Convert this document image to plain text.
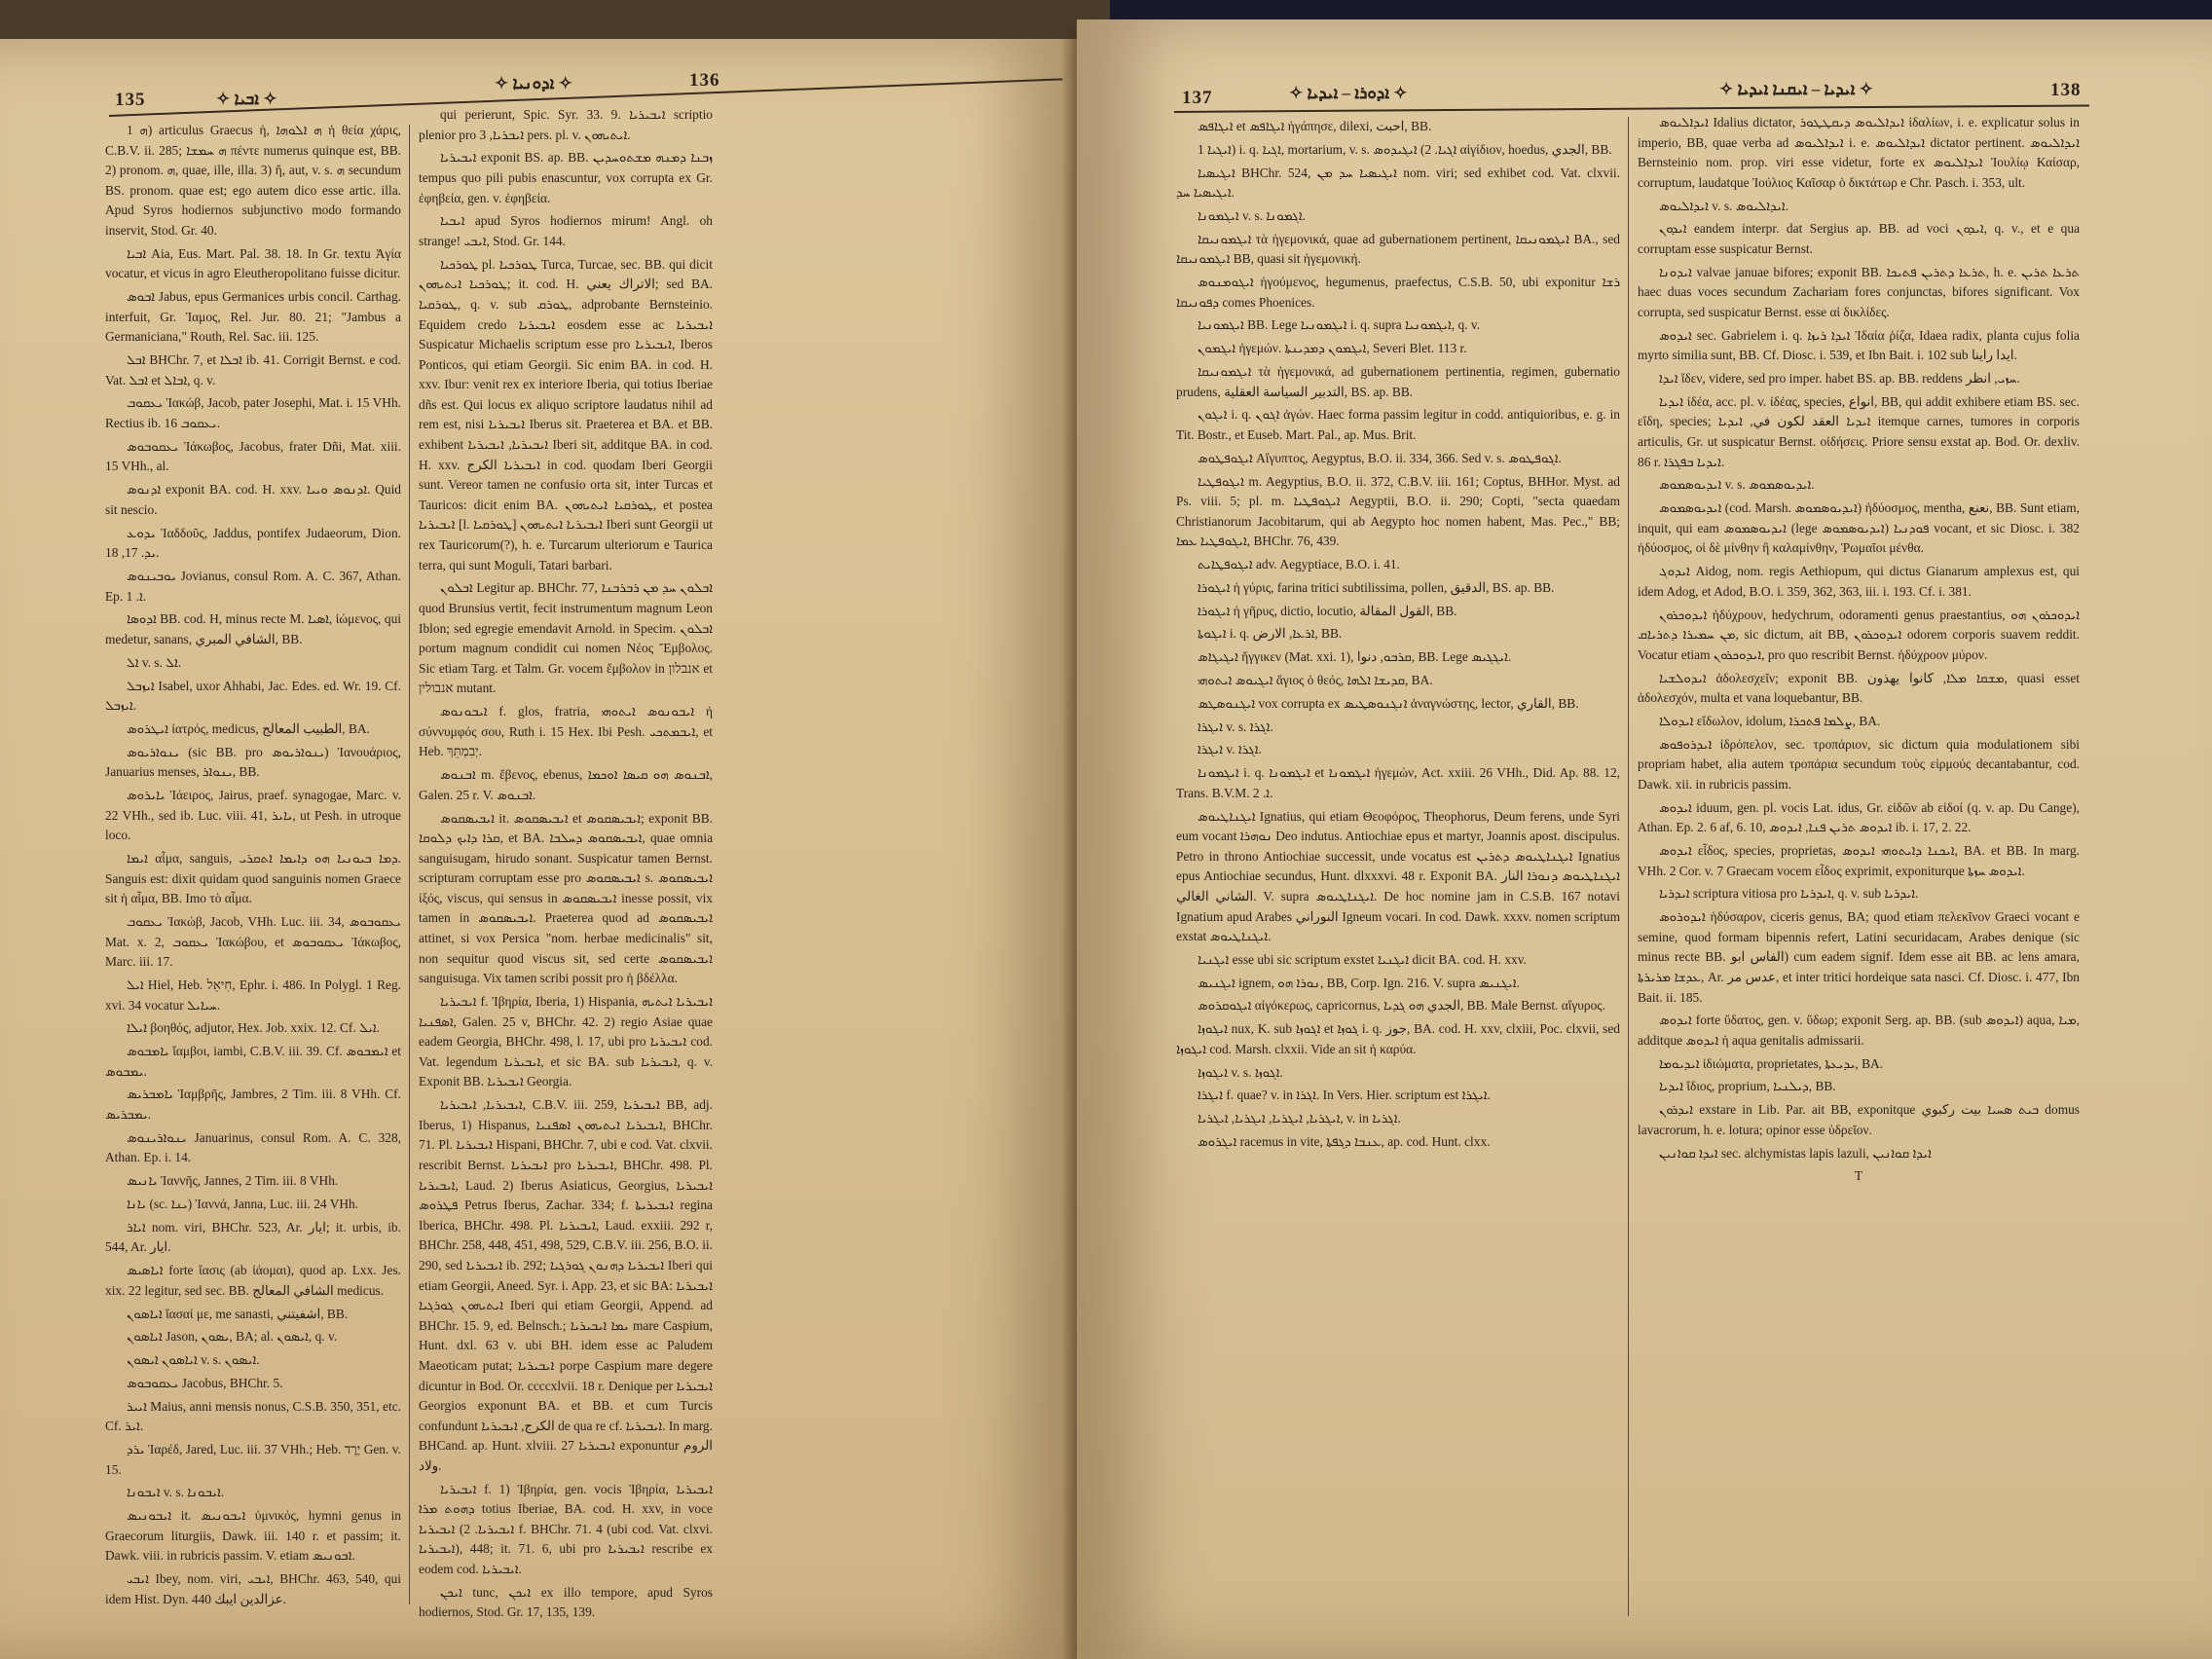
135	✧ ܐܒܝܐ ✧
✧ ܐܕܘܢܝܐ ✧	136

ܗ 1) articulus Graecus ἡ, ܗ ܐܠܘܗܐ ἡ θεία χάρις, C.B.V. ii. 285; ܗ ܚܡܫܐ πέντε numerus quinque est, BB. 2) pronom. ܗ, quae, ille, illa. 3) ἤ, aut, v. s. ܗ secundum BS. pronom. quae est; ego autem dico esse artic. illa. Apud Syros hodiernos subjunctivo modo formando inservit, Stod. Gr. 40.

ܐܒܝܐ Aia, Eus. Mart. Pal. 38. 18. In Gr. textu Ἀγία vocatur, et vicus in agro Eleutheropolitano fuisse dicitur.

ܐܒܘܣ Jabus, epus Germanices urbis concil. Carthag. interfuit, Gr. Ἰαμος, Rel. Jur. 80. 21; "Jambus a Germaniciana," Routh, Rel. Sac. iii. 125.

ܐܒܠ BHChr. 7, et ܐܒܠܐ ib. 41. Corrigit Bernst. e cod. Vat. ܐܒܠ et ܐܒܐܠ, q. v.

ܝܥܩܘܒ Ἰακώβ, Jacob, pater Josephi, Mat. i. 15 VHh. Rectius ib. 16 ܝܥܩܘܒ.

ܝܥܩܘܒܘܣ Ἰάκωβος, Jacobus, frater Dñi, Mat. xiii. 15 VHh., al.

ܐܕܢܘܣ exponit BA. cod. H. xxv. ܐܕܢܘܣ ܘܝܝܐ. Quid sit nescio.

ܝܕܘܥ Ἰαδδοῦς, Jaddus, pontifex Judaeorum, Dion. ܝܕ. 17, 18.

ܝܘܒܝܢܘܣ Jovianus, consul Rom. A. C. 367, Athan. Ep. ܐ. 1.

ܐܕܘܣܐ BB. cod. H, minus recte M. ܐܣܝܐ, ἰώμενος, qui medetur, sanans, الشافي المبري, BB.

ܐܠ v. s. ܐܠ.

ܐܝܙܒܠ Isabel, uxor Ahhabi, Jac. Edes. ed. Wr. 19. Cf. ܐܝܙܒܠ.

ܐܝܛܪܘܣ ἰατρός, medicus, الطبيب المعالج, BA.

ܝܢܘܐܪܝܘܣ (sic BB. pro ܝܢܘܐܪܝܘܣ) Ἰανουάριος, Januarius menses, ܝܢܘܐܪ, BB.

ܝܐܝܪܘܣ Ἰάειρος, Jairus, praef. synagogae, Marc. v. 22 VHh., sed ib. Luc. viii. 41, ܝܐܝܪ, ut Pesh. in utroque loco.

ܐܝܡܐ αἷμα, sanguis, ܕܡܐ ܒܝܘܢܝܐ ܗܘ ܕܐܝܡܐ ܐܬܩܪܝ. Sanguis est: dixit quidam quod sanguinis nomen Graece sit ἡ αἷμα, BB. Imo τὸ αἷμα.

ܝܥܩܘܒ Ἰακώβ, Jacob, VHh. Luc. iii. 34, ܝܥܩܘܒܘܣ Mat. x. 2, ܝܥܩܘܒ Ἰακώβου, et ܝܥܩܘܒܘܣ Ἰάκωβος, Marc. iii. 17.

ܐܝܠ Hiel, Heb. חִיאֵל, Ephr. i. 486. In Polygl. 1 Reg. xvi. 34 vocatur ܚܝܐܝܠ.

ܐܝܠܐ βοηθός, adjutor, Hex. Job. xxix. 12. Cf. ܐܝܠ.

ܝܐܡܒܘܣ ἴαμβοι, iambi, C.B.V. iii. 39. Cf. ܐܝܡܒܘܣ et ܝܡܒܘܣ.

ܝܐܡܒܪܝܣ Ἰαμβρῆς, Jambres, 2 Tim. iii. 8 VHh. Cf. ܝܡܒܪܝܣ.

ܝܢܘܐܪܝܢܘܣ Januarinus, consul Rom. A. C. 328, Athan. Ep. i. 14.

ܝܐܢܝܣ Ἰαννῆς, Jannes, 2 Tim. iii. 8 VHh.

ܝܐܢܐ (sc. ܝܢܐ) Ἰαννά, Janna, Luc. iii. 24 VHh.

ܐܝܐܪ nom. viri, BHChr. 523, Ar. ايار; it. urbis, ib. 544, Ar. ايار.

ܐܝܐܣܝܣ forte ἴασις (ab ἰάομαι), quod ap. Lxx. Jes. xix. 22 legitur, sed sec. BB. الشافي المعالج medicus.

ܐܝܐܣܘܢ ἴασαί με, me sanasti, اشفيتني, BB.

ܐܝܐܣܘܢ Jason, ܝܣܘܢ, BA; al. ܐܝܣܘܢ, q. v.

ܐܝܐܣܘܢ ܐܝܣܘܢ v. s. ܐܝܣܘܢ.

ܝܥܩܘܒܘܣ Jacobus, BHChr. 5.

ܐܝܝܪ Maius, anni mensis nonus, C.S.B. 350, 351, etc. Cf. ܐܝܪ.

ܝܪܕ Ἰαρέδ, Jared, Luc. iii. 37 VHh.; Heb. יֶרֶד Gen. v. 15.

ܐܝܒܘܢܐ v. s. ܐܝܒܘܢܐ.

ܐܝܒܘܢܝܣ it. ܐܝܒܘܢܝܣ ὑμνικός, hymni genus in Graecorum liturgiis, Dawk. iii. 140 r. et passim; it. Dawk. viii. in rubricis passim. V. etiam ܐܒܘܢܝܣ.

ܐܝܒܝ Ibey, nom. viri, ܐܝܒܝ, BHChr. 463, 540, qui idem Hist. Dyn. 440 عزالدين ايبك.

qui perierunt, Spic. Syr. 33. 9. ܐܝܒܝܪܝܐ scriptio plenior pro ܐܝܒܪܝܐ, 3 pers. pl. v. ܐܝܬܝܗܘܢ.

ܐܝܒܝܪܝܐ exponit BS. ap. BB. ܙܒܢܐ ܕܡܢܗ ܡܫܬܘܚܕܝܢ tempus quo pili pubis enascuntur, vox corrupta ex Gr. ἐφηβεία, gen. v. ἐφηβεία.

ܐܝܒܝܐ apud Syros hodiernos mirum! Angl. oh strange! ܐܝܒܝ, Stod. Gr. 144.

ܛܘܪܟܝܐ pl. ܛܘܪܟܝܐ Turca, Turcae, sec. BB. qui dicit ܛܘܪܟܝܐ ܐܝܬܝܗܘܢ; it. cod. H. الاتراك يعني; sed BA. ܛܘܪܩܝܐ, q. v. sub ܛܘܪܩ, adprobante Bernsteinio. Equidem credo ܐܝܒܝܪܝܐ eosdem esse ac ܐܝܒܝܪܝܐ Suspicatur Michaelis scriptum esse pro ܐܝܒܝܪܝܐ, Iberos Ponticos, qui etiam Georgii. Sic enim BA. in cod. H. xxv. Ibur: venit rex ex interiore Iberia, qui totius Iberiae dñs est. Qui locus ex aliquo scriptore laudatus nihil ad rem est, nisi ܐܝܒܝܪܝܐ Iberus sit. Praeterea et BA. et BB. exhibent ܐܝܒܝܪܝܐ, ܐܝܒܝܪܝܐ Iberi sit, additque BA. in cod. H. xxv. ܐܝܒܝܪܝܐ الكرج in cod. quodam Iberi Georgii sunt. Vereor tamen ne confusio orta sit, inter Turcas et Tauricos: dicit enim BA. ܛܘܪܩܝܐ ܐܝܬܝܗܘܢ, et postea ܐܝܒܝܪܝܐ [l. ܛܘܪܩܝܐ] ܐܝܒܝܪܝܐ ܐܝܬܝܗܘܢ Iberi sunt Georgii ut rex Tauricorum(?), h. e. Turcarum ulteriorum e Taurica terra, qui sunt Moguli, Tatari barbari.

ܐܒܠܘܢ Legitur ap. BHChr. 77, ܐܒܠܘܢ ܚܕ ܡܢ ܪܒܪܒܢܐ quod Brunsius vertit, fecit instrumentum magnum Leon Iblon; sed egregie emendavit Arnold. in Specim. ܐܒܠܘܢ portum magnum condidit cui nomen Νέος Ἔμβολος. Sic etiam Targ. et Talm. Gr. vocem ἔμβολον in אנבלון et אנבולין mutant.

ܐܝܒܘܢܘܣ f. glos, fratria, ܐܝܒܘܢܘܣ ܐܝܬܘܗܝ ἡ σύννυμφός σου, Ruth i. 15 Hex. Ibi Pesh. ܐܝܒܡܬܟܝ, et Heb. יְבִמְתֵּךְ.

ܐܒܢܘܣ m. ἔβενος, ebenus, ܐܒܢܘܣ ܗܘ ܩܝܣܐ ܐܘܟܡܐ, Galen. 25 r. V. ܐܒܢܘܣ.

ܐܝܒܝܣܩܘܣ it. ܐܝܒܝܣܩܘܣ et ܐܝܒܝܣܩܘܣ; exponit BB. ܩܪܐ ܕܐܝܟ ܕܠܘܩܐ, et BA. ܐܝܒܝܣܩܘܣ ܕܚܠܒܐ, quae omnia sanguisugam, hirudo sonant. Suspicatur tamen Bernst. scripturam corruptam esse pro ܐܝܒܝܣܩܘܣ s. ܐܝܒܝܣܩܘܣ ἰξός, viscus, qui sensus in ܐܝܒܝܣܩܘܣ inesse possit, vix tamen in ܐܝܒܝܣܩܘܣ. Praeterea quod ad ܐܝܒܝܣܩܘܣ attinet, si vox Persica "nom. herbae medicinalis" sit, non sequitur quod viscus sit, sed certe ܐܝܒܝܣܩܘܣ sanguisuga. Vix tamen scribi possit pro ἡ βδέλλα.

ܐܝܒܝܪܝܐ f. Ἰβηρία, Iberia, 1) Hispania, ܐܝܒܝܪܝܐ ܐܝܬܝܗ ܐܣܦܢܝܐ, Galen. 25 v, BHChr. 42. 2) regio Asiae quae eadem Georgia, BHChr. 498, l. 17, ubi pro ܐܝܒܝܪܝܐ cod. Vat. legendum ܐܝܒܝܪܝܐ, et sic BA. sub ܐܝܒܝܪܝܐ, q. v. Exponit BB. ܐܝܒܝܪܝܐ Georgia.

ܐܝܒܝܪܝܐ, ܐܝܒܝܪܝܐ, C.B.V. iii. 259, ܐܝܒܝܪܝܐ BB, adj. Iberus, 1) Hispanus, ܐܝܒܝܪܝܐ ܐܝܬܝܗܘܢ ܐܣܦܢܝܐ, BHChr. 71. Pl. ܐܝܒܝܪܝܐ Hispani, BHChr. 7, ubi e cod. Vat. clxvii. rescribit Bernst. ܐܝܒܝܪܝܐ pro ܐܝܒܝܪܝܐ, BHChr. 498. Pl. ܐܝܒܝܪܝܐ, Laud. 2) Iberus Asiaticus, Georgius, ܐܝܒܝܪܝܐ ܦܛܪܘܣ Petrus Iberus, Zachar. 334; f. ܐܝܒܝܪܝܬܐ regina Iberica, BHChr. 498. Pl. ܐܝܒܝܪܝܐ, Laud. exxiii. 292 r, BHChr. 258, 448, 451, 498, 529, C.B.V. iii. 256, B.O. ii. 290, sed ܐܝܒܝܪܝܐ ib. 292; ܐܝܒܝܪܝܐ ܕܗܢܘܢ ܓܘܪܓܝܐ Iberi qui etiam Georgii, Aneed. Syr. i. App. 23, et sic BA: ܐܝܒܝܪܝܐ ܐܝܬܝܗܘܢ ܓܘܪܓܝܐ Iberi qui etiam Georgii, Append. ad BHChr. 15. 9, ed. Belnsch.; ܝܡܐ ܐܝܒܝܪܝܐ mare Caspium, Hunt. dxl. 63 v. ubi BH. idem esse ac Paludem Maeoticam putat; ܐܝܒܝܪܝܐ porpe Caspium mare degere dicuntur in Bod. Or. ccccxlvii. 18 r. Denique per ܐܝܒܝܪܝܐ Georgios exponunt BA. et BB. et cum Turcis confundunt الكرج, ܐܝܒܝܪܝܐ de qua re cf. ܐܝܒܝܪܝܐ. In marg. BHCand. ap. Hunt. xlviii. 27 ܐܝܒܝܪܝܐ exponuntur الروم ولاد.

ܐܝܒܝܪܝܐ f. 1) Ἰβηρία, gen. vocis Ἰβηρία, ܐܝܒܝܪܝܐ ܕܗܘܬ ܡܪܐ totius Iberiae, BA. cod. H. xxv, in voce ܐܝܒܝܪܝܐ. 2) ܐܝܒܝܪܝܐ f. BHChr. 71. 4 (ubi cod. Vat. clxvi. ܐܝܒܝܪܝܐ), 448; it. 71. 6, ubi pro ܐܝܒܝܪܝܐ rescribe ex eodem cod. ܐܝܒܝܪܝܐ.

ܐܝܟܢ tunc, ܐܝܟܢ ex illo tempore, apud Syros hodiernos, Stod. Gr. 17, 135, 139.

137	✧ ܐܕܘܪܐ – ܐܝܕܝܐ ✧	✧ ܐܝܕܝܐ – ܐܝܩܢܐ ܐܝܕܝܐ ✧	138

ܐܝܓܐܦܣ et ܐܝܓܐܦܣ ἠγάπησε, dilexi, احبت, BB.

ܐܝܓܝܐ 1) i. q. ܐܓܝܐ, mortarium, v. s. ܐܓܝܐ. 2) ܐܝܓܝܕܘܣ αἰγίδιον, hoedus, الجدي, BB.

ܐܝܓܝܣܝܐ BHChr. 524, ܐܝܓܝܣܝܐ ܚܕ ܡܢ nom. viri; sed exhibet cod. Vat. clxvii. ܐܝܓܝܣܝܐ ܚܕ.

ܐܝܓܡܘܢܐ v. s. ܐܓܡܘܢܐ.

ܐܝܓܡܘܢܝܩܐ τὰ ἡγεμονικά, quae ad gubernationem pertinent, ܐܝܓܡܘܢܝܩܐ BA., sed ܐܝܓܡܘܢܝܩܐ BB, quasi sit ἡγεμονική.

ܐܝܓܘܡܢܘܣ ἡγούμενος, hegumenus, praefectus, C.S.B. 50, ubi exponitur ܪܫܐ ܕܦܘܢܝܩܐ comes Phoenices.

ܐܝܓܡܘܢܝܐ BB. Lege ܐܝܓܡܘܢܝܐ i. q. supra ܐܝܓܡܘܢܝܐ, q. v.

ܐܝܓܡܘܢ ἡγεμών. ܐܝܓܡܘܢ ܕܡܕܝܢܬܐ, Severi Blet. 113 r.

ܐܝܓܡܘܢܝܩܐ τὰ ἡγεμονικά, ad gubernationem pertinentia, regimen, gubernatio prudens, التدبير السياسة العقلية, BS. ap. BB.

ܐܝܓܘܢ i. q. ܐܓܘܢ ἀγών. Haec forma passim legitur in codd. antiquioribus, e. g. in Tit. Bostr., et Euseb. Mart. Pal., ap. Mus. Brit.

ܐܝܓܘܦܛܘܣ Αἴγυπτος, Aegyptus, B.O. ii. 334, 366. Sed v. s. ܐܓܘܦܛܘܣ.

ܐܝܓܘܦܛܝܐ m. Aegyptius, B.O. ii. 372, C.B.V. iii. 161; Coptus, BHHor. Myst. ad Ps. viii. 5; pl. m. ܐܝܓܘܦܛܝܐ Aegyptii, B.O. ii. 290; Copti, "secta quaedam Christianorum Jacobitarum, qui ab Aegypto hoc nomen habent, Mas. Pec.," BB; ܐܝܓܘܦܛܝܐ ܥܡܐ, BHChr. 76, 439.

ܐܝܓܘܦܛܐܝܬ adv. Aegyptiace, B.O. i. 41.

ܐܝܓܘܪܐ ἡ γύρις, farina tritici subtilissima, pollen, الدقيق, BS. ap. BB.

ܐܝܓܘܪܐ ἡ γῆρυς, dictio, locutio, القول المقالة, BB.

ܐܝܓܘܬܐ i. q. ܐܪܥܐ, الارض, BB.

ܐܝܓܝܓܐܣ ἤγγικεν (Mat. xxi. 1), ܩܪܒܘ, دنوا, BB. Lege ܐܝܓܓܝܣ.

ܐܝܓܝܘܣ ܐܝܬܘܗܝ ἅγιος ὁ θεός, ܩܕܝܫܐ ܐܠܗܐ, BA.

ܐܝܓܢܘܣܛܣ vox corrupta ex ܐܢܓܢܘܣܛܝܣ ἀναγνώστης, lector, القاري, BB.

ܐܝܓܪܐ v. s. ܐܓܪܐ.

ܐܝܓܪܐ v. ܐܓܪܐ.

ܐܝܓܡܘܢܐ i. q. ܐܝܓܡܘܢܐ et ܐܝܓܡܘܢܐ ἡγεμών, Act. xxiii. 26 VHh., Did. Ap. 88. 12, Trans. B.V.M. ܐ. 2.

ܐܝܓܢܐܛܝܘܣ Ignatius, qui etiam Θεοφόρος, Theophorus, Deum ferens, unde Syri eum vocant ܢܘܗܪܐ Deo indutus. Antiochiae epus et martyr, Joannis apost. discipulus. Petro in throno Antiochiae successit, unde vocatus est ܐܝܓܢܐܛܝܘܣ ܕܬܪܝܢ Ignatius epus Antiochiae secundus, Hunt. dlxxxvi. 48 r. Exponit BA. ܐܝܓܢܐܛܝܘܣ ܕܢܘܪܐ النار الشاني الغالي. V. supra ܐܝܓܢܐܛܝܘܣ. De hoc nomine jam in C.S.B. 167 notavi Ignatium apud Arabes النوراني Igneum vocari. In cod. Dawk. xxxv. nomen scriptum exstat ܐܝܓܢܐܛܝܘܣ.

ܐܝܓܢܝܐ esse ubi sic scriptum exstet ܐܝܓܢܝܐ dicit BA. cod. H. xxv.

ܐܝܓܢܝܣ ignem, ܢܘܪܐ ܗܘ, BB, Corp. Ign. 216. V. supra ܐܝܓܢܝܣ.

ܐܝܓܘܩܪܘܣ αἰγόκερως, capricornus, الجدي ܗܘ ܓܕܝܐ, BB. Male Bernst. αἴγυρος.

ܐܝܓܘܙܐ nux, K. sub ܐܓܘܙܐ et ܓܘܙܐ i. q. جوز, BA. cod. H. xxv, clxiii, Poc. clxvii, sed ܐܝܓܘܙܐ cod. Marsh. clxxii. Vide an sit ἡ καρύα.

ܐܝܓܘܙܐ v. s. ܐܓܘܙܐ.

ܐܝܓܪܐ f. quae? v. in ܐܓܪܐ. In Vers. Hier. scriptum est ܐܝܓܪܐ.

ܐܝܓܪܝܐ, ܐܝܓܪܝܐ, ܐܝܓܪܝܐ, ܐܝܓܪܝܐ, v. in ܐܓܪܝܐ.

ܐܝܓܪܘܣ racemus in vite, ܥܢܒܐ ܕܓܦܬܐ, ap. cod. Hunt. clxx.

ܐܝܕܐܠܝܘܣ Idalius dictator, ܐܝܕܐܠܝܘܣ ܕܝܩܛܛܘܪ ἰδαλίων, i. e. explicatur solus in imperio, BB, quae verba ad ܐܝܕܐܠܝܘܣ i. e. ܐܝܕܐܠܝܘܣ dictator pertinent. ܐܝܕܐܠܝܘܣ Bernsteinio nom. prop. viri esse videtur, forte ex ܐܝܕܐܠܝܘܣ Ἰουλίῳ Καίσαρ, corruptum, laudatque Ἰούλιος Καῖσαρ ὁ δικτάτωρ e Chr. Pasch. i. 353, ult.

ܐܝܕܐܠܝܘܣ v. s. ܐܝܕܐܠܝܘܣ.

ܐܝܕܘܢ eandem interpr. dat Sergius ap. BB. ad voci ܐܝܕܘܢ, q. v., et e qua corruptam esse suspicatur Bernst.

ܐܝܕܘܢܐ valvae januae bifores; exponit BB. ܬܪܥܐ ܕܬܪܝܢ ܦܬܝܟܐ, h. e. ܬܪܥܐ ܬܪܝܢ haec duas voces secundum Zachariam fores conjunctas, bifores significant. Vox corrupta, sed suspicatur Bernst. esse αἱ δικλίδες.

ܐܝܕܘܣ sec. Gabrielem i. q. ܐܝܕܐ ܪܝܙܐ Ἰδαία ῥίζα, Idaea radix, planta cujus folia myrto similia sunt, BB. Cf. Diosc. i. 539, et Ibn Bait. i. 102 sub ايدا راينا.

ܐܝܕܐ ἴδεν, videre, sed pro imper. habet BS. ap. BB. reddens ܚܙܝ, انظر.

ܐܝܕܝܐ ἰδέα, acc. pl. v. ἰδέας, species, انواع, BB, qui addit exhibere etiam BS. sec. εἴδη, species; ܐܝܕܝܐ العقد لكون في, ܐܝܕܝܐ itemque carnes, tumores in corporis articulis, Gr. ut suspicatur Bernst. οἰδήσεις. Priore sensu exstat ap. Bod. Or. dexliv. 86 r. ܐܝܕܝܐ ܒܦܓܪܐ.

ܐܝܕܝܘܣܡܘܣ v. s. ܐܝܕܝܘܣܡܘܣ.

ܐܝܕܝܘܣܡܘܣ (cod. Marsh. ܐܝܕܝܘܣܡܘܣ) ἡδύοσμος, mentha, نعنع, BB. Sunt etiam, inquit, qui eam ܐܝܕܝܘܣܡܘܣ (lege ܐܝܕܝܘܣܡܘܣ) ܦܘܕܢܝܐ vocant, et sic Diosc. i. 382 ἡδύοσμος, οἱ δὲ μίνθην ἢ καλαμίνθην, Ῥωμαῖοι μένθα.

ܐܝܕܘܓ Aidog, nom. regis Aethiopum, qui dictus Gianarum amplexus est, qui idem Adog, et Adod, B.O. i. 359, 362, 363, iii. i. 193. Cf. i. 381.

ܐܝܕܘܟܪܘܢ ἡδύχρουν, hedychrum, odoramenti genus praestantius, ܐܝܕܘܟܪܘܢ ܗܘ ܡܢ ܚܡܝܪܐ ܕܬܪܝܐܩ, sic dictum, ait BB, ܐܝܕܘܟܪܘܢ odorem corporis suavem reddit. Vocatur etiam ܐܝܕܘܟܪܘܢ, pro quo rescribit Bernst. ἡδύχροον μύρον.

ܐܝܕܘܠܫܝܐ ἀδολεσχεῖν; exponit BB. ܡܫܩܐ ܡܠܐ, كانوا يهذون, quasi esset ἀδολεσχόν, multa et vana loquebantur, BB.

ܐܝܕܘܠܐ εἴδωλον, idolum, ܨܠܡܐ ܦܬܟܪܐ, BA.

ܐܝܕܪܘܦܘܣ ἰδρόπελον, sec. τροπάριον, sic dictum quia modulationem sibi propriam habet, alia autem τροπάρια secundum τοὺς εἱρμούς decantabantur, cod. Dawk. xii. in rubricis passim.

ܐܝܕܘܣ iduum, gen. pl. vocis Lat. idus, Gr. εἰδῶν ab εἰδοί (q. v. ap. Du Cange), Athan. Ep. 2. 6 af, 6. 10, ܐܝܕܘܣ ܬܪܝܢ ܦܢܐ, ܐܝܕܘܣ ib. i. 17, 2. 22.

ܐܝܕܘܣ εἶδος, species, proprietas, ܐܝܟܢܐ ܕܐܝܬܘܗܝ ܐܝܕܘܣ, BA. et BB. In marg. VHh. 2 Cor. v. 7 Graecam vocem εἶδος exprimit, exponiturque ܐܝܕܘܣ ܚܙܬܐ.

ܐܝܕܪܝܐ scriptura vitiosa pro ܐܝܕܪܝܐ, q. v. sub ܐܝܕܪܝܐ.

ܐܝܕܘܪܘܣ ἡδύσαρον, ciceris genus, BA; quod etiam πελεκῖνον Graeci vocant e semine, quod formam bipennis refert, Latini securidacam, Arabes denique (sic minus recte BB. الفاس ابو) cum eadem signif. Idem esse ait BB. ac lens amara, ܥܕܫܐ ܡܪܝܪܬܐ, Ar. عدس مر, et inter tritici hordeique sata nasci. Cf. Diosc. i. 477, Ibn Bait. ii. 185.

ܐܝܕܘܣ forte ὕδατος, gen. v. ὕδωρ; exponit Serg. ap. BB. (sub ܐܝܕܘܣ) aqua, ܡܝܐ, additque ܐܝܕܘܣ ἡ aqua genitalis admissarii.

ܐܝܕܝܘܡܐ ἰδιώματα, proprietates, ܝܕܝܥܬܐ, BA.

ܐܝܕܝܐ ἴδιος, proprium, ܕܝܠܢܝܐ, BB.

ܐܝܕܪܘܢ exstare in Lib. Par. ait BB, exponitque ܒܝܬ ܣܚܝܐ بيت ركبوي domus lavacrorum, h. e. lotura; opinor esse ὑδρεῖον.

ܐܝܕܐ ܩܘܐܢܝܢ sec. alchymistas lapis lazuli, ܐܝܕܐ ܩܘܐܢܝܢ

T
